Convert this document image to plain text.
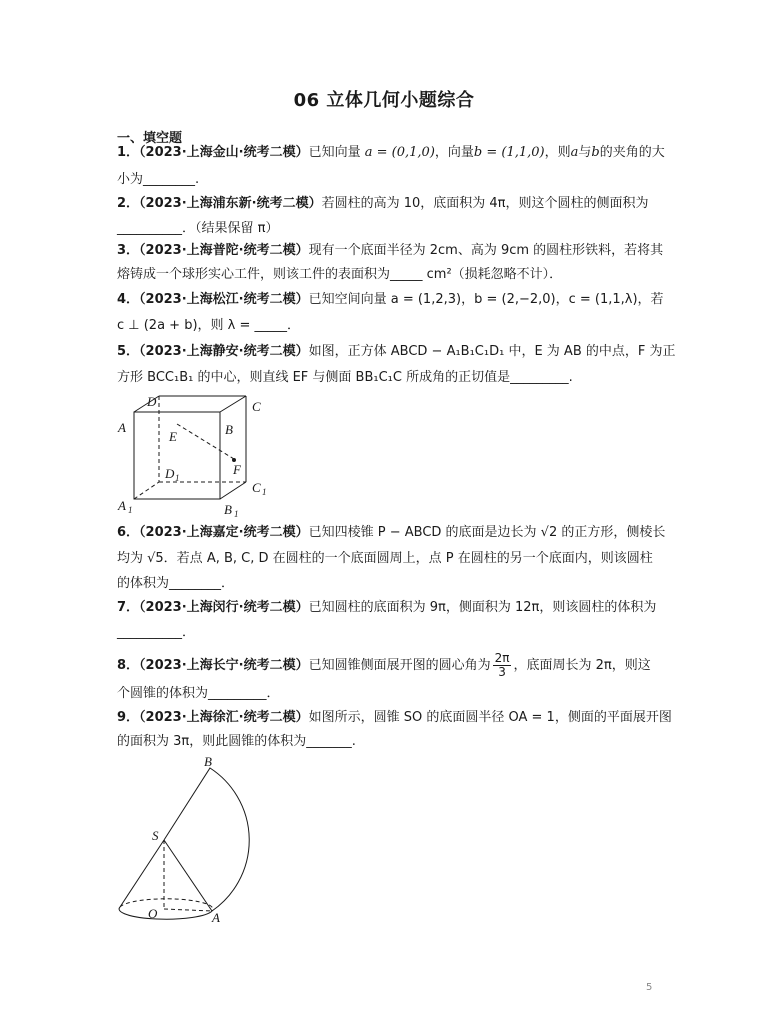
06 立体几何小题综合
一、填空题
1．（2023·上海金山·统考二模）已知向量 a = (0,1,0)，向量b = (1,1,0)，则a与b的夹角的大
小为________.
2．（2023·上海浦东新·统考二模）若圆柱的高为 10，底面积为 4π，则这个圆柱的侧面积为
__________．（结果保留 π）
3．（2023·上海普陀·统考二模）现有一个底面半径为 2cm、高为 9cm 的圆柱形铁料，若将其
熔铸成一个球形实心工件，则该工件的表面积为_____ cm²（损耗忽略不计）．
4．（2023·上海松江·统考二模）已知空间向量 a = (1,2,3)，b = (2,−2,0)，c = (1,1,λ)，若
c ⊥ (2a + b)，则 λ = _____．
5．（2023·上海静安·统考二模）如图，正方体 ABCD − A₁B₁C₁D₁ 中，E 为 AB 的中点，F 为正
方形 BCC₁B₁ 的中心，则直线 EF 与侧面 BB₁C₁C 所成角的正切值是_________.
D	C
A	B
E
F
D 1
C 1
A 1	B 1
6．（2023·上海嘉定·统考二模）已知四棱锥 P − ABCD 的底面是边长为 √2 的正方形，侧棱长
均为 √5．若点 A, B, C, D 在圆柱的一个底面圆周上，点 P 在圆柱的另一个底面内，则该圆柱
的体积为________．
7．（2023·上海闵行·统考二模）已知圆柱的底面积为 9π，侧面积为 12π，则该圆柱的体积为
__________．
8．（2023·上海长宁·统考二模）已知圆锥侧面展开图的圆心角为 $\frac{2\pi}{3}$ ，底面周长为 2π，则这
个圆锥的体积为_________．
9．（2023·上海徐汇·统考二模）如图所示，圆锥 SO 的底面圆半径 OA = 1，侧面的平面展开图
的面积为 3π，则此圆锥的体积为_______.
B
S
O	A
5
